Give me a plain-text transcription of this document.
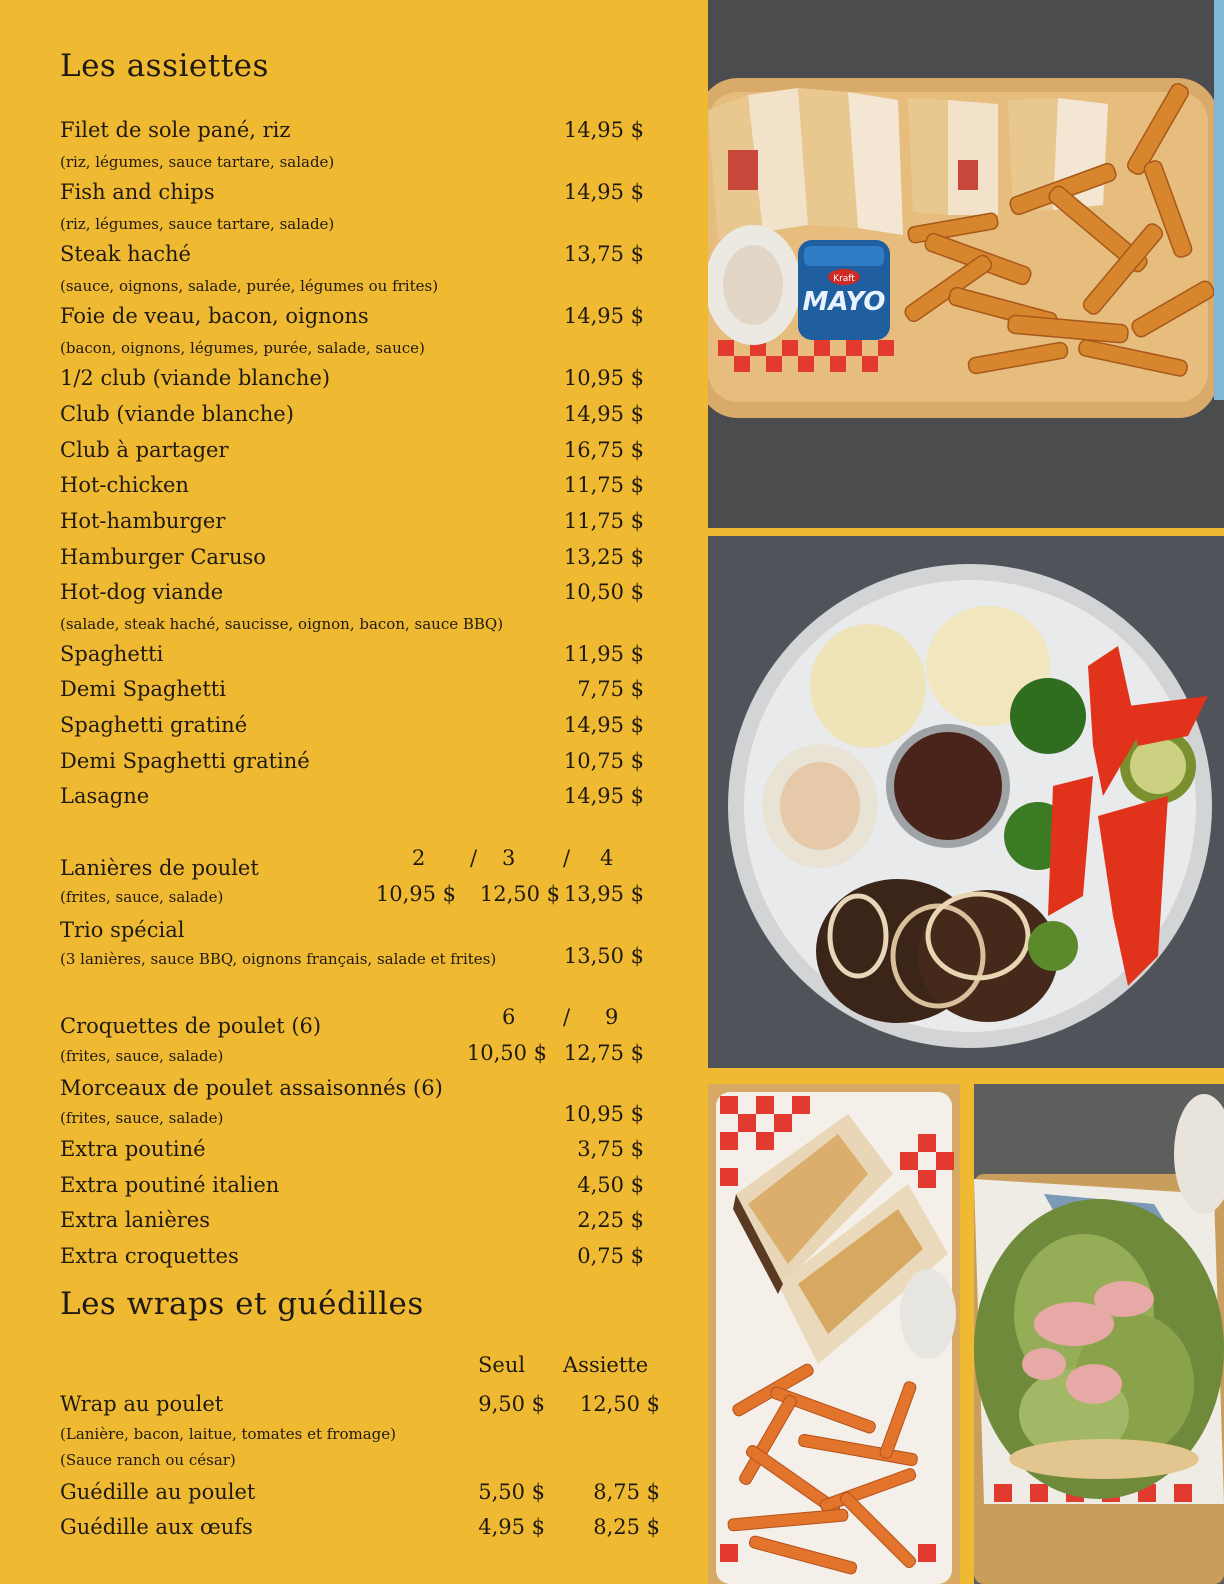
Les assiettes
Filet de sole pané, riz	14,95 $
(riz, légumes, sauce tartare, salade)
Fish and chips	14,95 $
(riz, légumes, sauce tartare, salade)
Steak haché	13,75 $
(sauce, oignons, salade, purée, légumes ou frites)
Foie de veau, bacon, oignons	14,95 $
(bacon, oignons, légumes, purée, salade, sauce)
1/2 club (viande blanche)	10,95 $
Club (viande blanche)	14,95 $
Club à partager	16,75 $
Hot-chicken	11,75 $
Hot-hamburger	11,75 $
Hamburger Caruso	13,25 $
Hot-dog viande	10,50 $
(salade, steak haché, saucisse, oignon, bacon, sauce BBQ)
Spaghetti	11,95 $
Demi Spaghetti	7,75 $
Spaghetti gratiné	14,95 $
Demi Spaghetti gratiné	10,75 $
Lasagne	14,95 $
2 / 3 / 4
Lanières de poulet
(frites, sauce, salade)	10,95 $ 12,50 $ 13,95 $
Trio spécial
(3 lanières, sauce BBQ, oignons français, salade et frites)	13,50 $
6 / 9
Croquettes de poulet (6)
(frites, sauce, salade)	10,50 $ 12,75 $
Morceaux de poulet assaisonnés (6)
(frites, sauce, salade)	10,95 $
Extra poutiné	3,75 $
Extra poutiné italien	4,50 $
Extra lanières	2,25 $
Extra croquettes	0,75 $
Les wraps et guédilles
Seul Assiette
Wrap au poulet	9,50 $ 12,50 $
(Lanière, bacon, laitue, tomates et fromage)
(Sauce ranch ou césar)
Guédille au poulet	5,50 $ 8,75 $
Guédille aux œufs	4,95 $ 8,25 $
Kraft
MAYO
